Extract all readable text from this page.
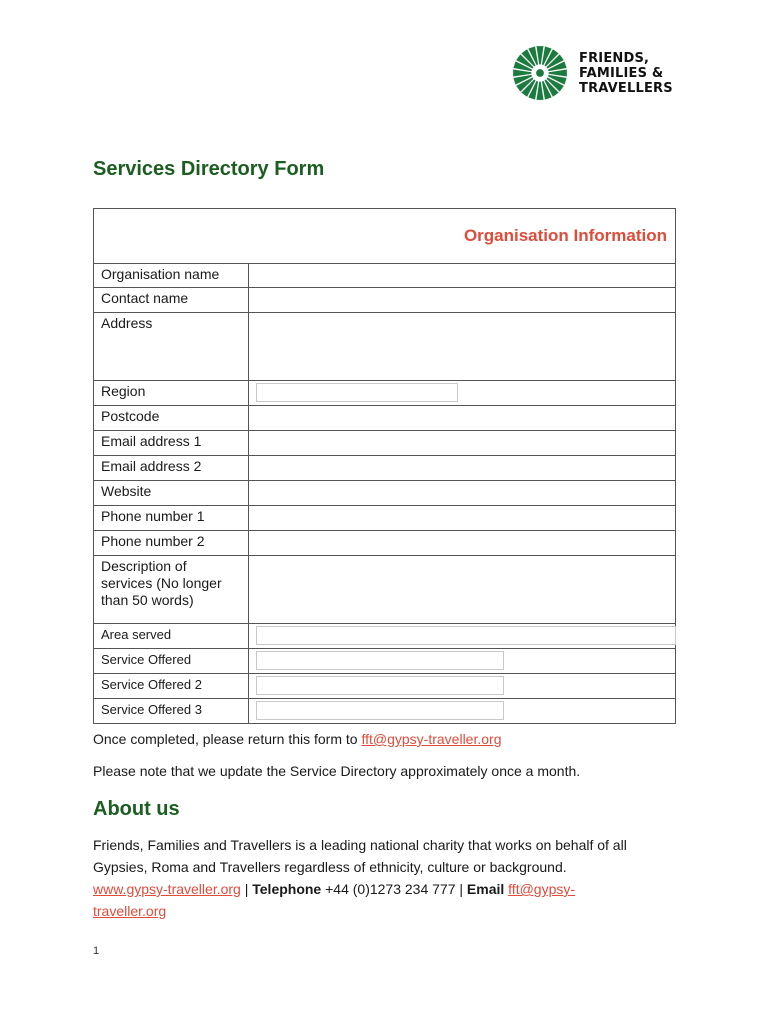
FRIENDS,
FAMILIES &
TRAVELLERS
Services Directory Form
Organisation Information
Organisation name
Contact name
Address
Region
Postcode
Email address 1
Email address 2
Website
Phone number 1
Phone number 2
Description of services (No longer than 50 words)
Area served
Service Offered
Service Offered 2
Service Offered 3
Once completed, please return this form to fft@gypsy-traveller.org
Please note that we update the Service Directory approximately once a month.
About us
Friends, Families and Travellers is a leading national charity that works on behalf of all Gypsies, Roma and Travellers regardless of ethnicity, culture or background.
www.gypsy-traveller.org | Telephone +44 (0)1273 234 777 | Email fft@gypsy-
traveller.org
1
